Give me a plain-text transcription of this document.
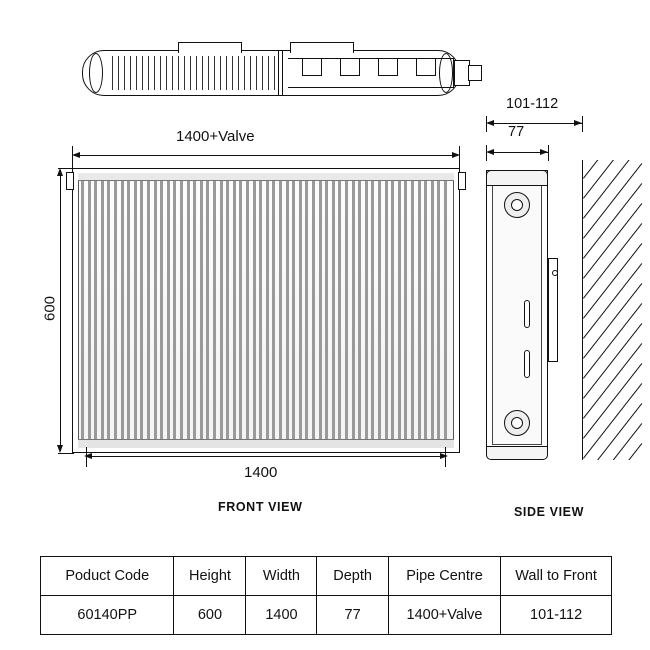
1400+Valve
600
1400
FRONT VIEW
101-112
77
SIDE VIEW
Poduct Code	Height	Width	Depth	Pipe Centre	Wall to Front
60140PP	600	1400	77	1400+Valve	101-112
